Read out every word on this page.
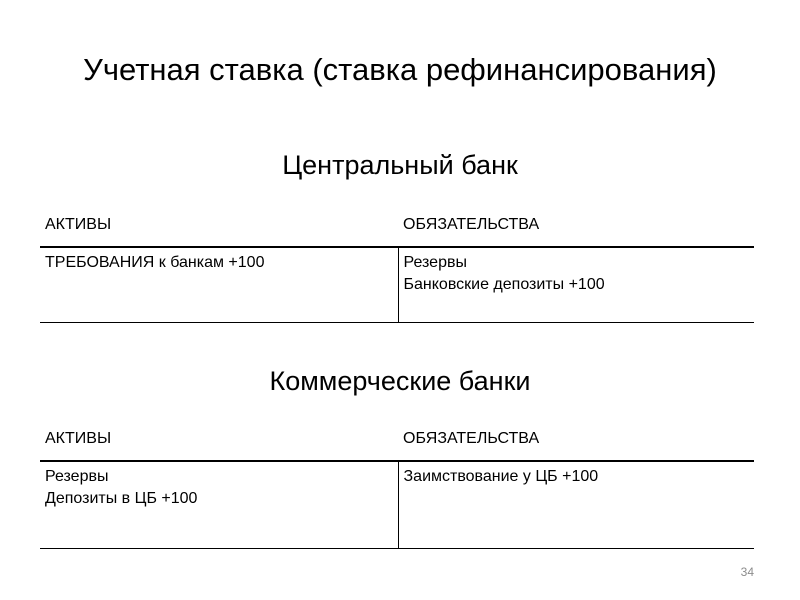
Учетная ставка (ставка рефинансирования)
Центральный банк
АКТИВЫ	ОБЯЗАТЕЛЬСТВА

ТРЕБОВАНИЯ к банкам +100	Резервы
Банковские депозиты +100
Коммерческие банки
АКТИВЫ	ОБЯЗАТЕЛЬСТВА

Резервы
Депозиты в ЦБ +100	Заимствование у ЦБ +100
34
